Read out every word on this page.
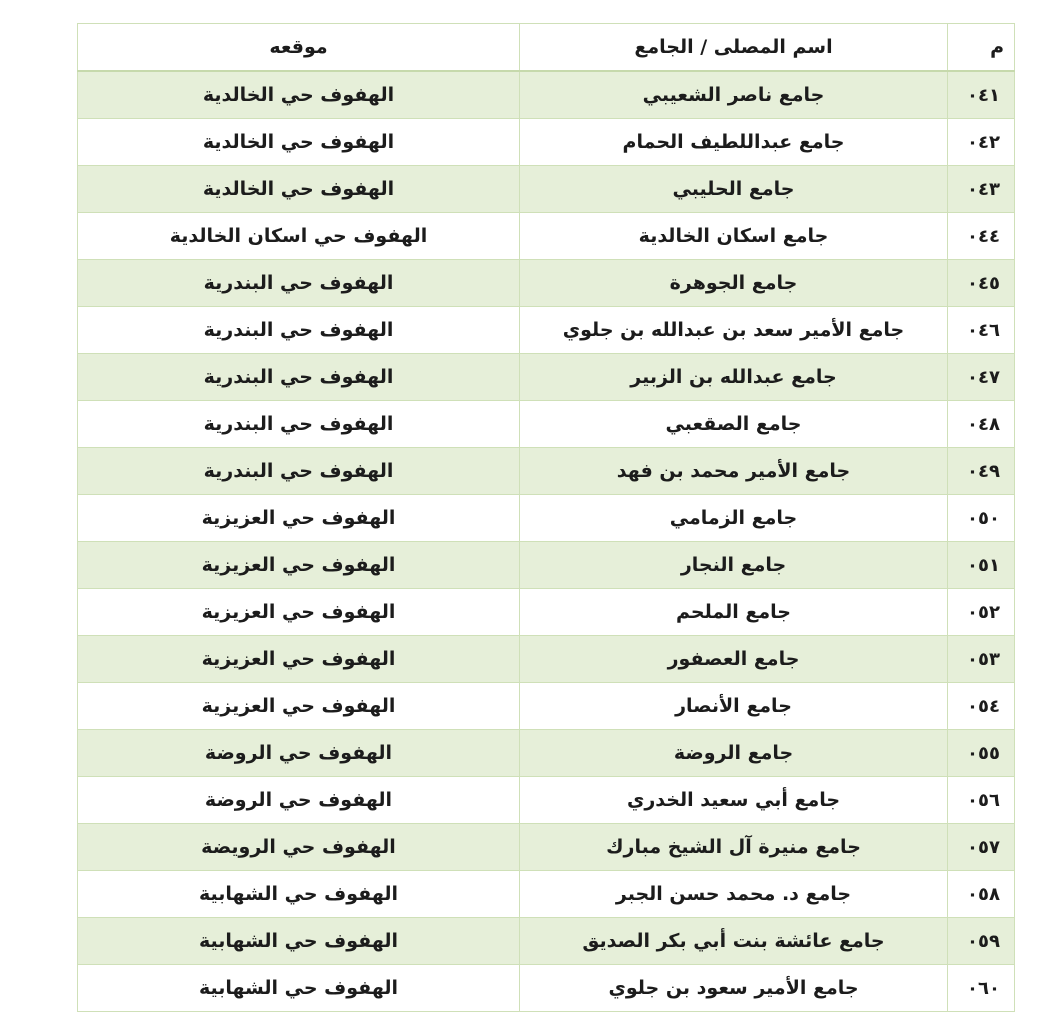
م	اسم المصلى / الجامع	موقعه
٠٤١	جامع ناصر الشعيبي	الهفوف حي الخالدية
٠٤٢	جامع عبداللطيف الحمام	الهفوف حي الخالدية
٠٤٣	جامع الحليبي	الهفوف حي الخالدية
٠٤٤	جامع اسكان الخالدية	الهفوف حي اسكان الخالدية
٠٤٥	جامع الجوهرة	الهفوف حي البندرية
٠٤٦	جامع الأمير سعد بن عبدالله بن جلوي	الهفوف حي البندرية
٠٤٧	جامع عبدالله بن الزبير	الهفوف حي البندرية
٠٤٨	جامع الصقعبي	الهفوف حي البندرية
٠٤٩	جامع الأمير محمد بن فهد	الهفوف حي البندرية
٠٥٠	جامع الزمامي	الهفوف حي العزيزية
٠٥١	جامع النجار	الهفوف حي العزيزية
٠٥٢	جامع الملحم	الهفوف حي العزيزية
٠٥٣	جامع العصفور	الهفوف حي العزيزية
٠٥٤	جامع الأنصار	الهفوف حي العزيزية
٠٥٥	جامع الروضة	الهفوف حي الروضة
٠٥٦	جامع أبي سعيد الخدري	الهفوف حي الروضة
٠٥٧	جامع منيرة آل الشيخ مبارك	الهفوف حي الرويضة
٠٥٨	جامع د. محمد حسن الجبر	الهفوف حي الشهابية
٠٥٩	جامع عائشة بنت أبي بكر الصديق	الهفوف حي الشهابية
٠٦٠	جامع الأمير سعود بن جلوي	الهفوف حي الشهابية
